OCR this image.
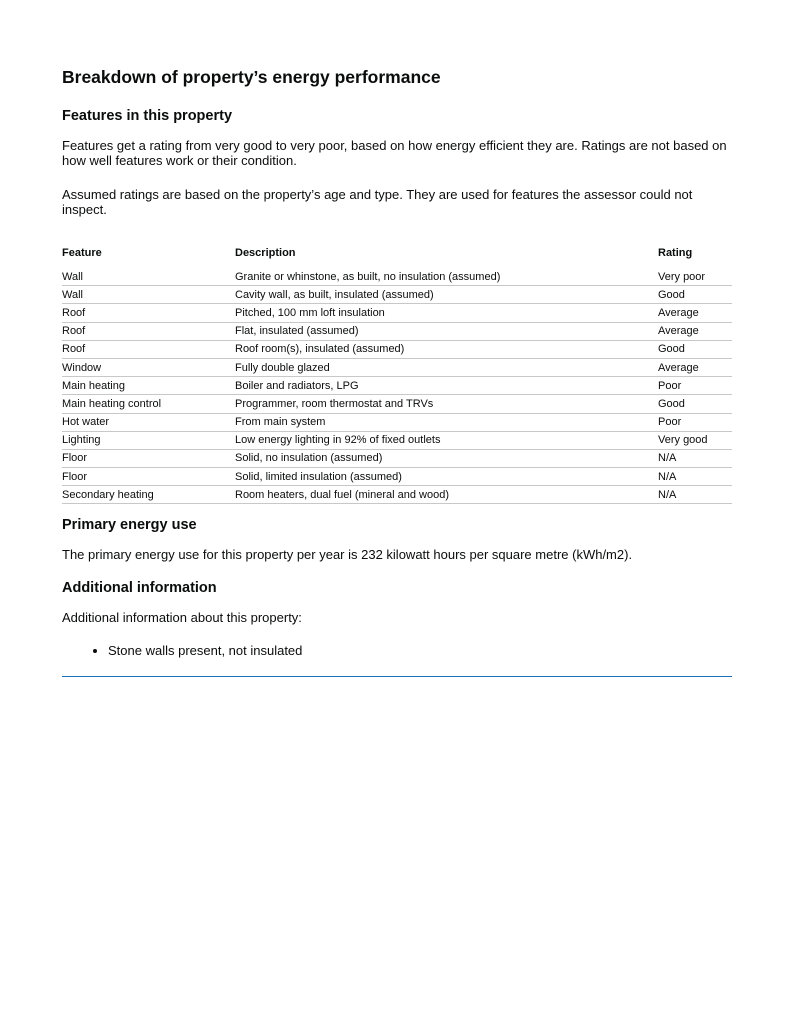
Breakdown of property’s energy performance
Features in this property

Features get a rating from very good to very poor, based on how energy efficient they are. Ratings are not based on how well features work or their condition.

Assumed ratings are based on the property’s age and type. They are used for features the assessor could not inspect.

Feature	Description	Rating
Wall	Granite or whinstone, as built, no insulation (assumed)	Very poor
Wall	Cavity wall, as built, insulated (assumed)	Good
Roof	Pitched, 100 mm loft insulation	Average
Roof	Flat, insulated (assumed)	Average
Roof	Roof room(s), insulated (assumed)	Good
Window	Fully double glazed	Average
Main heating	Boiler and radiators, LPG	Poor
Main heating control	Programmer, room thermostat and TRVs	Good
Hot water	From main system	Poor
Lighting	Low energy lighting in 92% of fixed outlets	Very good
Floor	Solid, no insulation (assumed)	N/A
Floor	Solid, limited insulation (assumed)	N/A
Secondary heating	Room heaters, dual fuel (mineral and wood)	N/A
Primary energy use

The primary energy use for this property per year is 232 kilowatt hours per square metre (kWh/m2).

Additional information

Additional information about this property:

• Stone walls present, not insulated
